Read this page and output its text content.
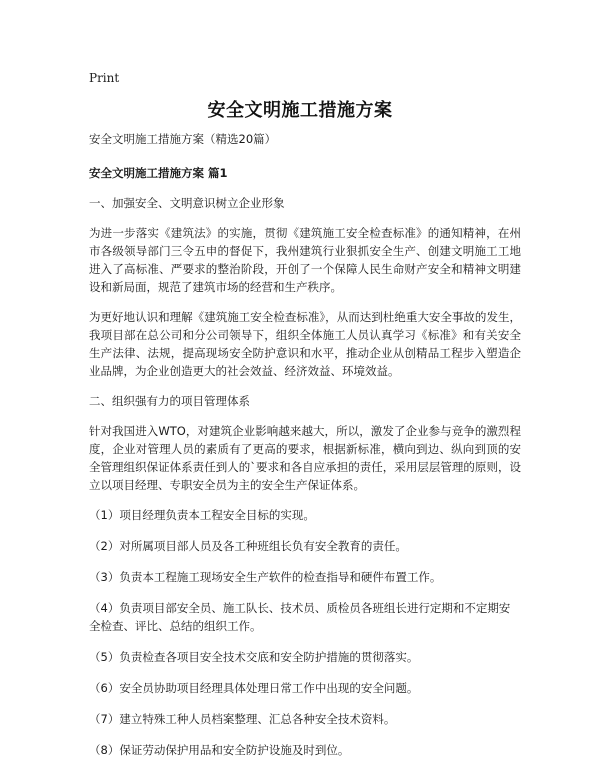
Print
安全文明施工措施方案

安全文明施工措施方案（精选20篇）

安全文明施工措施方案 篇1

一、加强安全、文明意识树立企业形象

为进一步落实《建筑法》的实施，贯彻《建筑施工安全检查标准》的通知精神，在州市各级领导部门三令五申的督促下，我州建筑行业狠抓安全生产、创建文明施工工地进入了高标准、严要求的整治阶段，开创了一个保障人民生命财产安全和精神文明建设和新局面，规范了建筑市场的经营和生产秩序。

为更好地认识和理解《建筑施工安全检查标准》，从而达到杜绝重大安全事故的发生，我项目部在总公司和分公司领导下，组织全体施工人员认真学习《标准》和有关安全生产法律、法规，提高现场安全防护意识和水平，推动企业从创精品工程步入塑造企业品牌，为企业创造更大的社会效益、经济效益、环境效益。

二、组织强有力的项目管理体系

针对我国进入WTO，对建筑企业影响越来越大，所以，激发了企业参与竞争的激烈程度，企业对管理人员的素质有了更高的要求，根据新标准，横向到边、纵向到顶的安全管理组织保证体系责任到人的`要求和各自应承担的责任，采用层层管理的原则，设立以项目经理、专职安全员为主的安全生产保证体系。

（1）项目经理负责本工程安全目标的实现。

（2）对所属项目部人员及各工种班组长负有安全教育的责任。

（3）负责本工程施工现场安全生产软件的检查指导和硬件布置工作。

（4）负责项目部安全员、施工队长、技术员、质检员各班组长进行定期和不定期安全检查、评比、总结的组织工作。

（5）负责检查各项目安全技术交底和安全防护措施的贯彻落实。

（6）安全员协助项目经理具体处理日常工作中出现的安全问题。

（7）建立特殊工种人员档案整理、汇总各种安全技术资料。

（8）保证劳动保护用品和安全防护设施及时到位。
